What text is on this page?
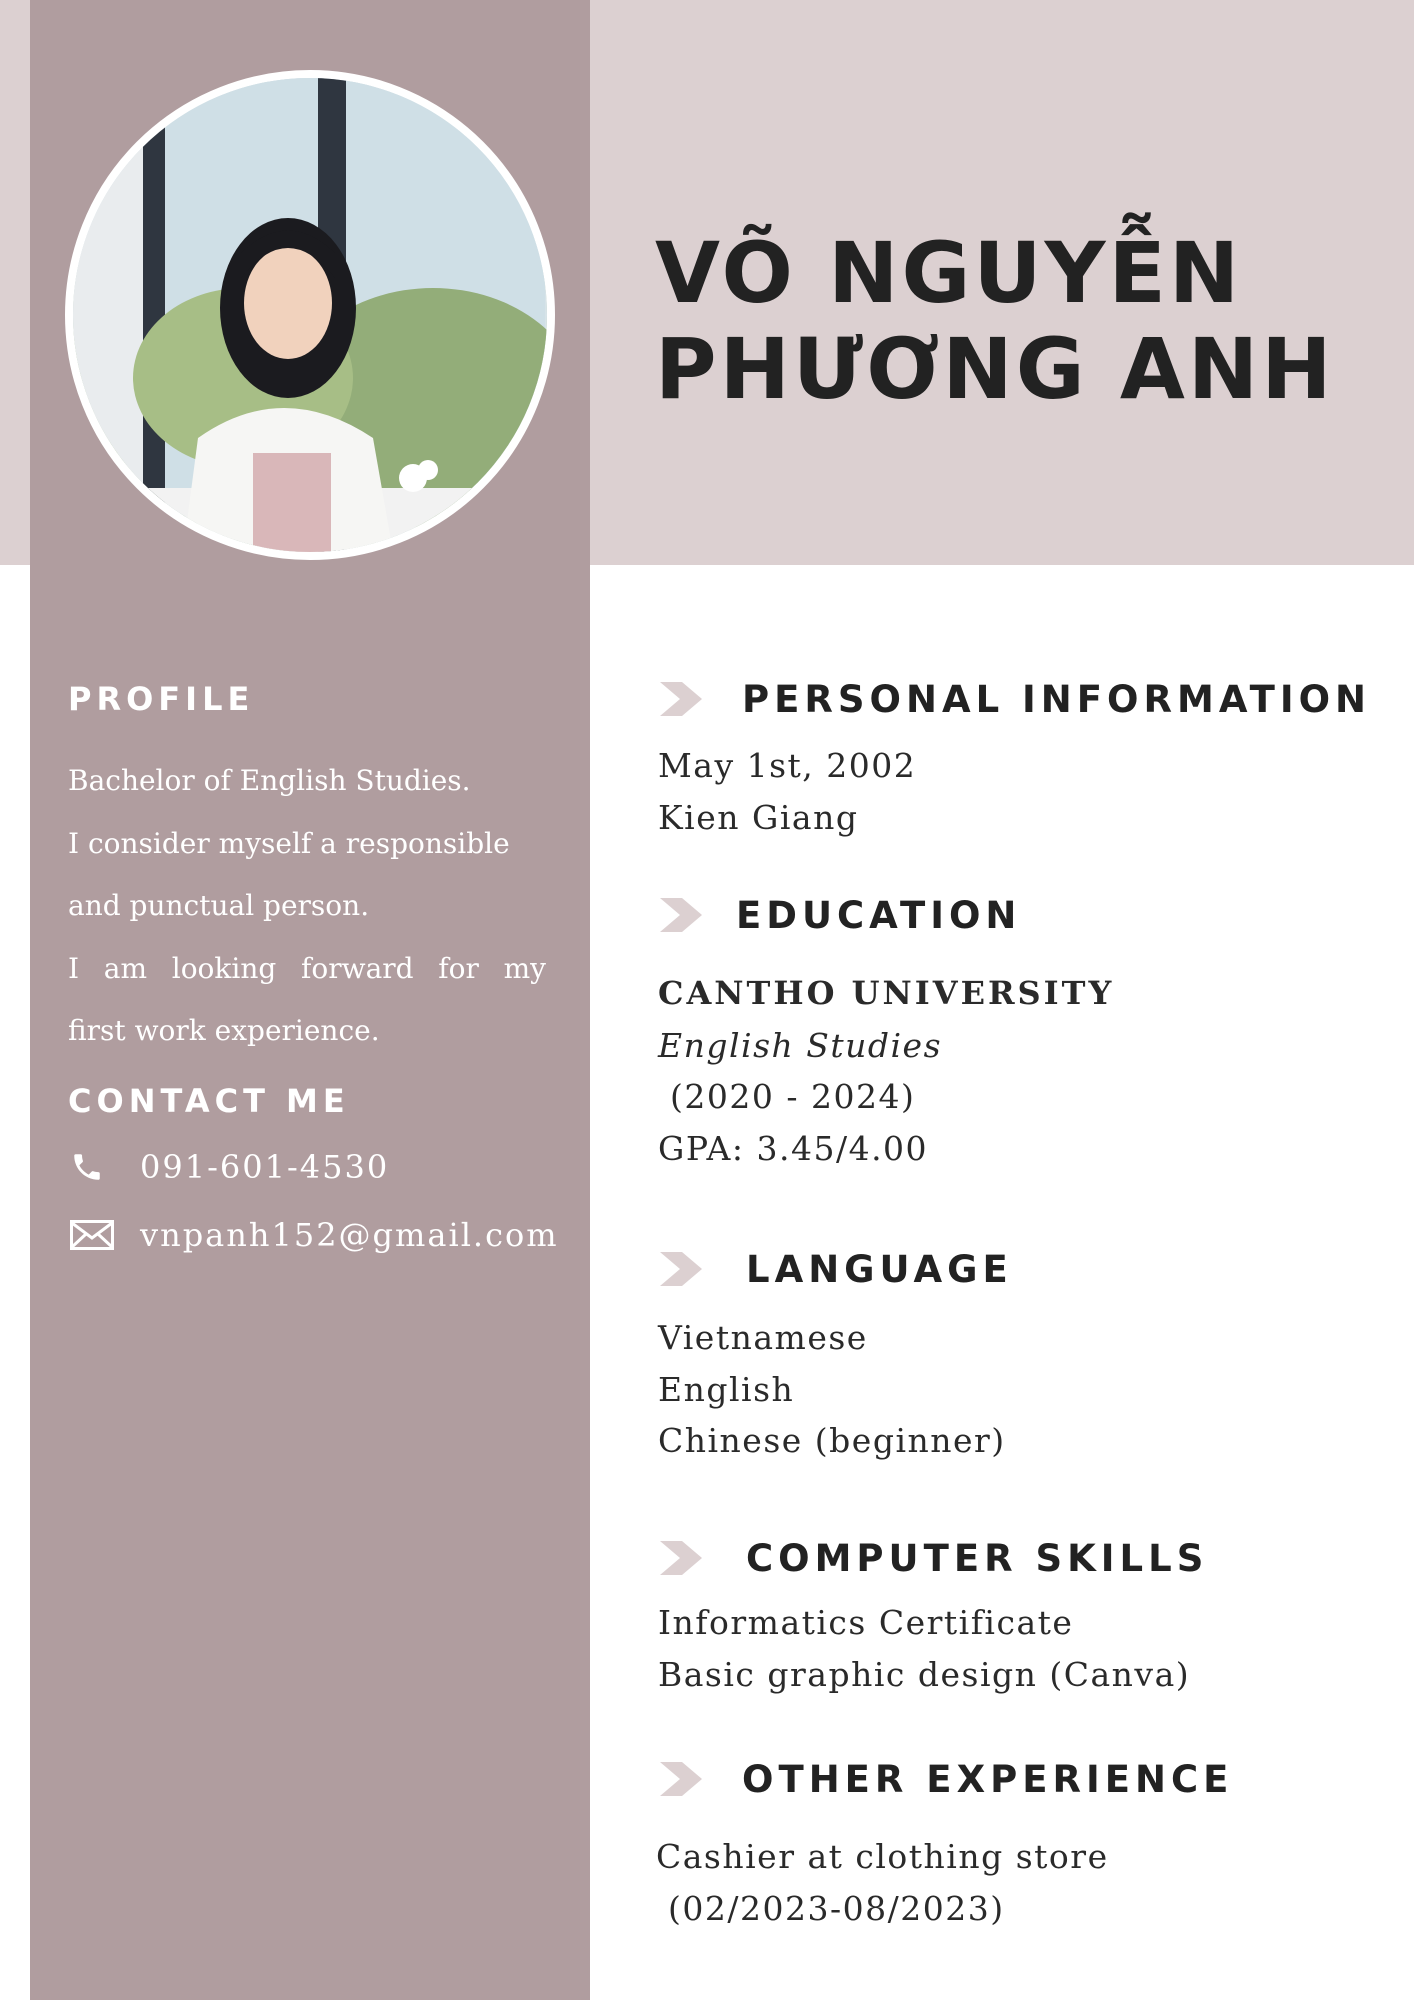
VÕ NGUYỄN
PHƯƠNG ANH
PROFILE
Bachelor of English Studies.
I consider myself a responsible
and punctual person.
I am looking forward for my
first work experience.
CONTACT ME
091-601-4530
vnpanh152@gmail.com
PERSONAL INFORMATION
May 1st, 2002
Kien Giang
EDUCATION
CANTHO UNIVERSITY
English Studies
(2020 - 2024)
GPA: 3.45/4.00
LANGUAGE
Vietnamese
English
Chinese (beginner)
COMPUTER SKILLS
Informatics Certificate
Basic graphic design (Canva)
OTHER EXPERIENCE
Cashier at clothing store
(02/2023-08/2023)
